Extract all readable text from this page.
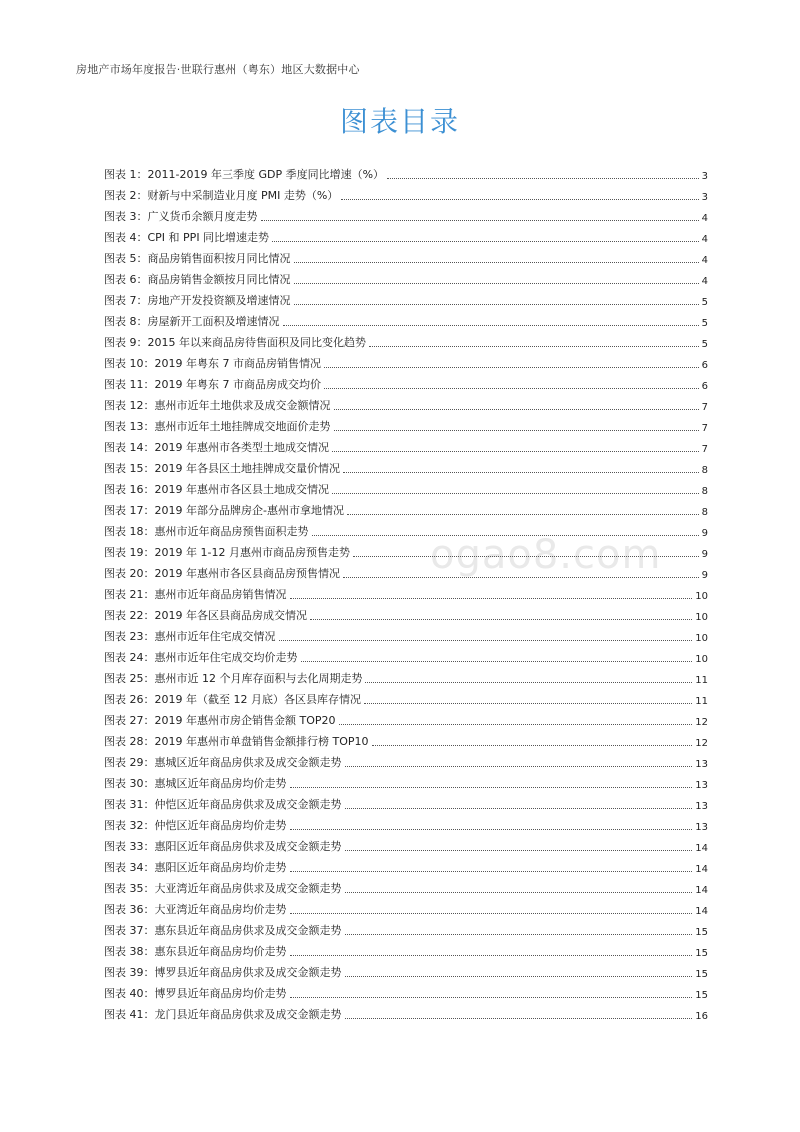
房地产市场年度报告·世联行惠州（粤东）地区大数据中心
图表目录
ogao8.com
图表 1：2011-2019 年三季度 GDP 季度同比增速（%）	3
图表 2：财新与中采制造业月度 PMI 走势（%）	3
图表 3：广义货币余额月度走势	4
图表 4：CPI 和 PPI 同比增速走势	4
图表 5：商品房销售面积按月同比情况	4
图表 6：商品房销售金额按月同比情况	4
图表 7：房地产开发投资额及增速情况	5
图表 8：房屋新开工面积及增速情况	5
图表 9：2015 年以来商品房待售面积及同比变化趋势	5
图表 10：2019 年粤东 7 市商品房销售情况	6
图表 11：2019 年粤东 7 市商品房成交均价	6
图表 12：惠州市近年土地供求及成交金额情况	7
图表 13：惠州市近年土地挂牌成交地面价走势	7
图表 14：2019 年惠州市各类型土地成交情况	7
图表 15：2019 年各县区土地挂牌成交量价情况	8
图表 16：2019 年惠州市各区县土地成交情况	8
图表 17：2019 年部分品牌房企-惠州市拿地情况	8
图表 18：惠州市近年商品房预售面积走势	9
图表 19：2019 年 1-12 月惠州市商品房预售走势	9
图表 20：2019 年惠州市各区县商品房预售情况	9
图表 21：惠州市近年商品房销售情况	10
图表 22：2019 年各区县商品房成交情况	10
图表 23：惠州市近年住宅成交情况	10
图表 24：惠州市近年住宅成交均价走势	10
图表 25：惠州市近 12 个月库存面积与去化周期走势	11
图表 26：2019 年（截至 12 月底）各区县库存情况	11
图表 27：2019 年惠州市房企销售金额 TOP20	12
图表 28：2019 年惠州市单盘销售金额排行榜 TOP10	12
图表 29：惠城区近年商品房供求及成交金额走势	13
图表 30：惠城区近年商品房均价走势	13
图表 31：仲恺区近年商品房供求及成交金额走势	13
图表 32：仲恺区近年商品房均价走势	13
图表 33：惠阳区近年商品房供求及成交金额走势	14
图表 34：惠阳区近年商品房均价走势	14
图表 35：大亚湾近年商品房供求及成交金额走势	14
图表 36：大亚湾近年商品房均价走势	14
图表 37：惠东县近年商品房供求及成交金额走势	15
图表 38：惠东县近年商品房均价走势	15
图表 39：博罗县近年商品房供求及成交金额走势	15
图表 40：博罗县近年商品房均价走势	15
图表 41：龙门县近年商品房供求及成交金额走势	16
